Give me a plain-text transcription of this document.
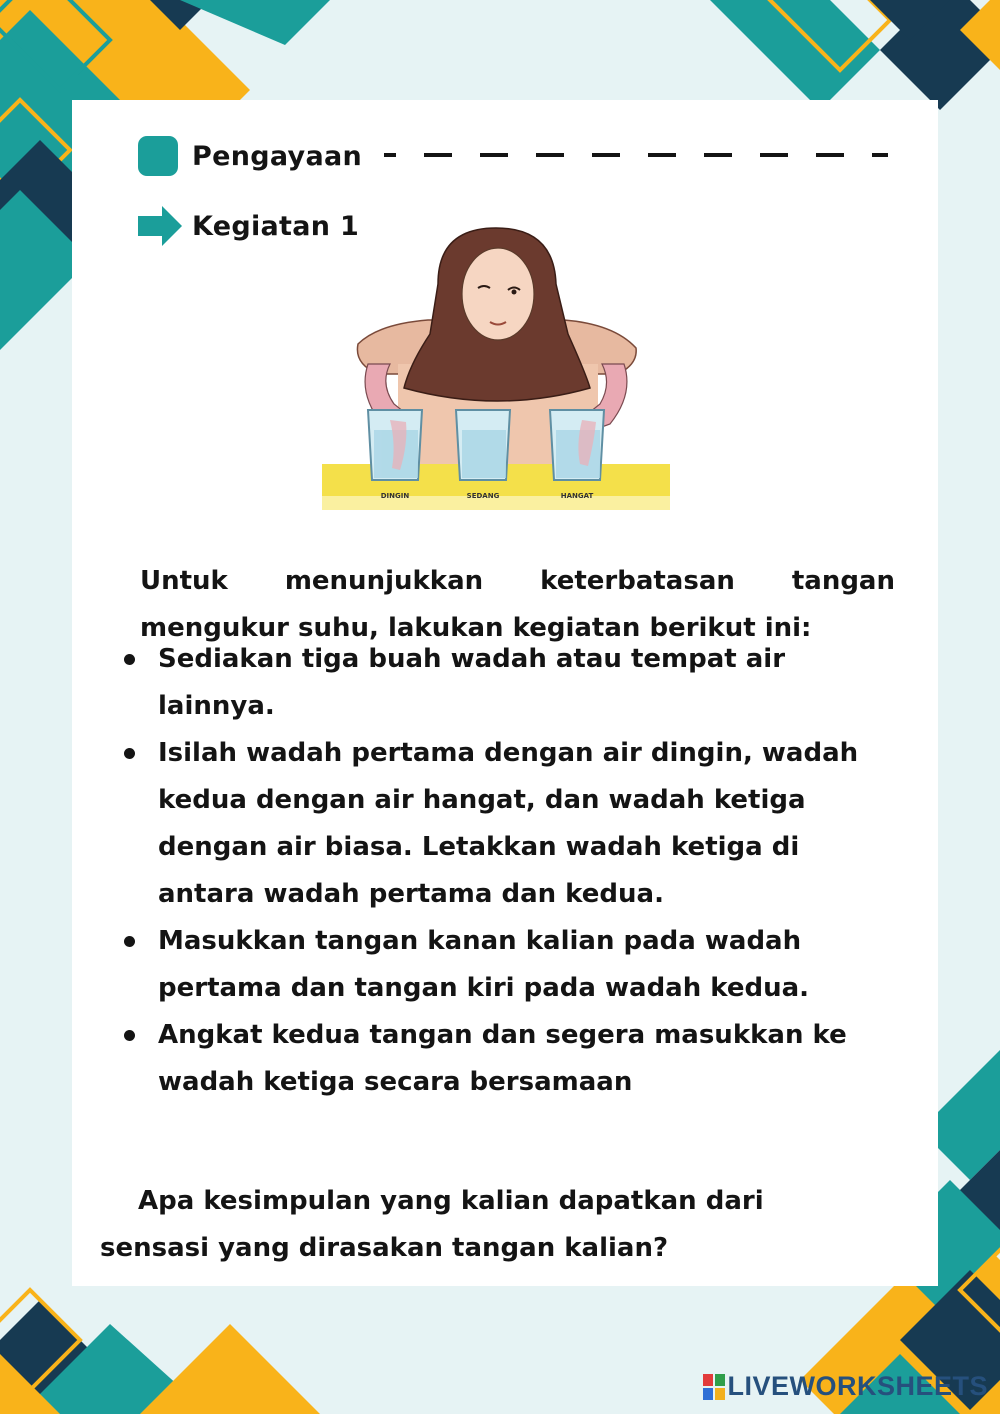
Pengayaan
Kegiatan 1
DINGIN	SEDANG	HANGAT

Untuk menunjukkan keterbatasan tangan mengukur suhu, lakukan kegiatan berikut ini:

Sediakan tiga buah wadah atau tempat air lainnya.
Isilah wadah pertama dengan air dingin, wadah kedua dengan air hangat, dan wadah ketiga dengan air biasa. Letakkan wadah ketiga di antara wadah pertama dan kedua.
Masukkan tangan kanan kalian pada wadah pertama dan tangan kiri pada wadah kedua.
Angkat kedua tangan dan segera masukkan ke wadah ketiga secara bersamaan

Apa kesimpulan yang kalian dapatkan dari sensasi yang dirasakan tangan kalian?

LIVEWORKSHEETS
